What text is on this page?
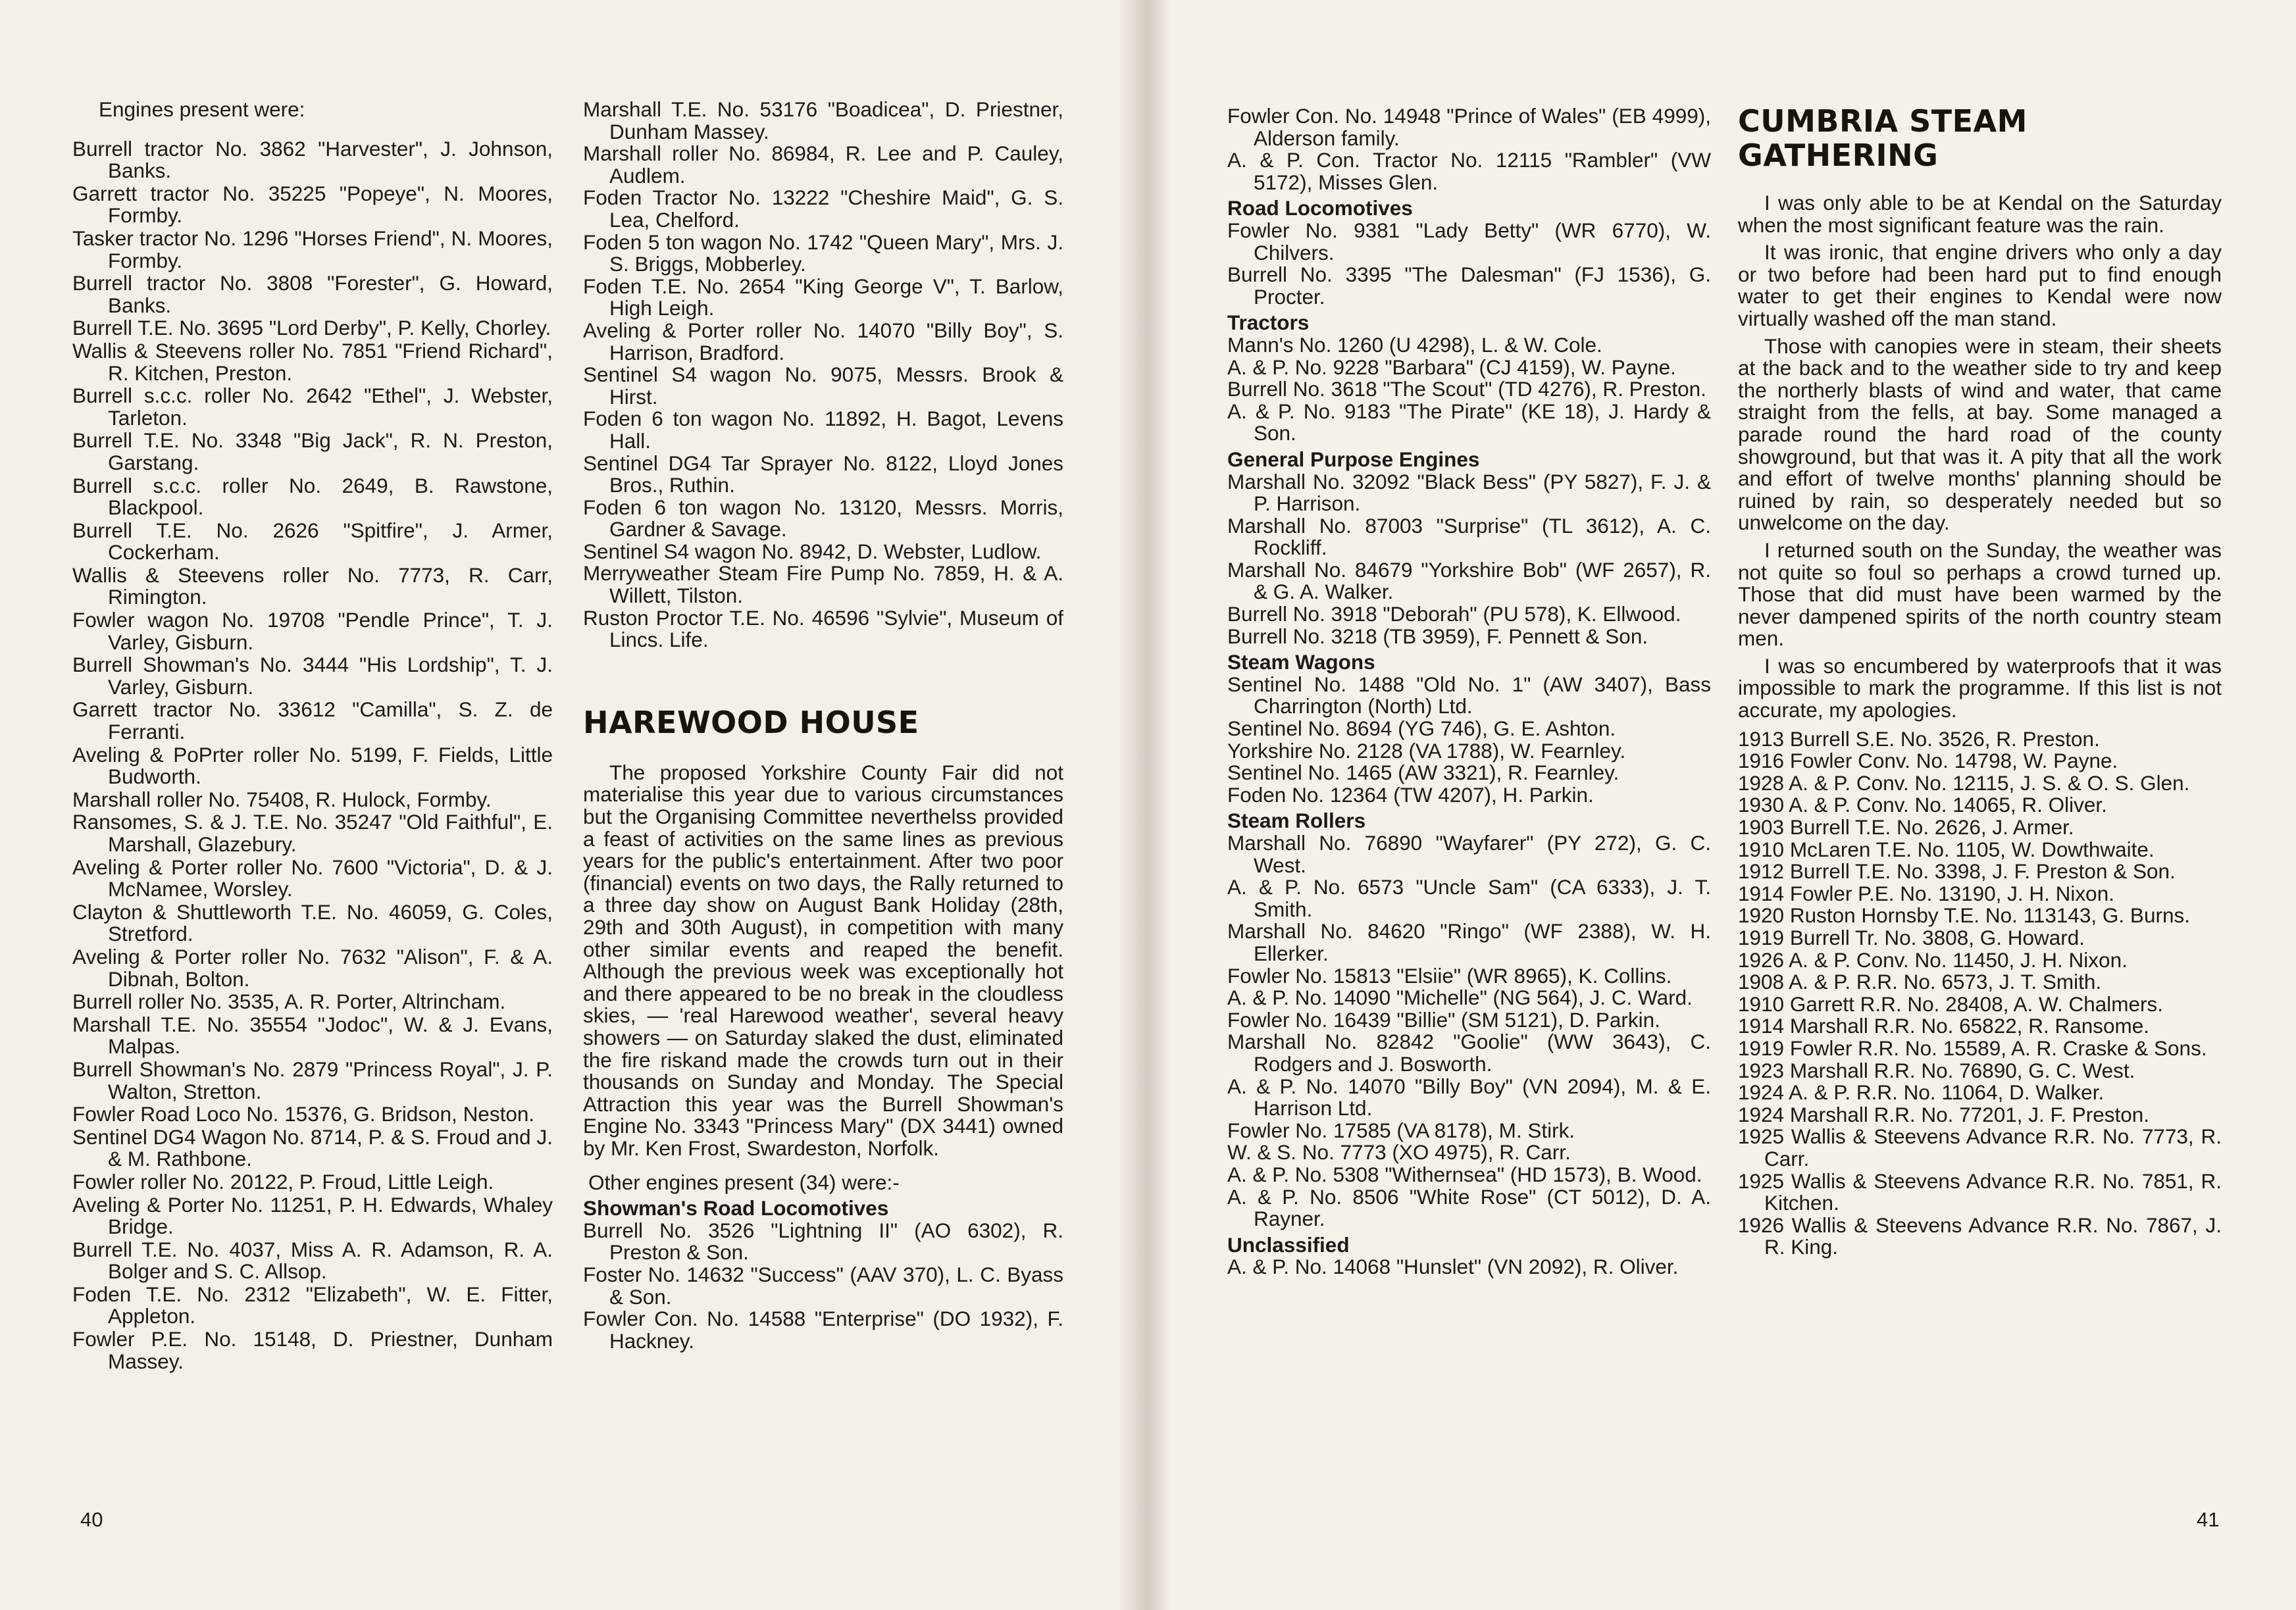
Engines present were:
Burrell tractor No. 3862 "Harvester", J. Johnson, Banks.
Garrett tractor No. 35225 "Popeye", N. Moores, Formby.
Tasker tractor No. 1296 "Horses Friend", N. Moores, Formby.
Burrell tractor No. 3808 "Forester", G. Howard, Banks.
Burrell T.E. No. 3695 "Lord Derby", P. Kelly, Chorley.
Wallis & Steevens roller No. 7851 "Friend Richard", R. Kitchen, Preston.
Burrell s.c.c. roller No. 2642 "Ethel", J. Webster, Tarleton.
Burrell T.E. No. 3348 "Big Jack", R. N. Preston, Garstang.
Burrell s.c.c. roller No. 2649, B. Rawstone, Blackpool.
Burrell T.E. No. 2626 "Spitfire", J. Armer, Cockerham.
Wallis & Steevens roller No. 7773, R. Carr, Rimington.
Fowler wagon No. 19708 "Pendle Prince", T. J. Varley, Gisburn.
Burrell Showman's No. 3444 "His Lordship", T. J. Varley, Gisburn.
Garrett tractor No. 33612 "Camilla", S. Z. de Ferranti.
Aveling & PoPrter roller No. 5199, F. Fields, Little Budworth.
Marshall roller No. 75408, R. Hulock, Formby.
Ransomes, S. & J. T.E. No. 35247 "Old Faithful", E. Marshall, Glazebury.
Aveling & Porter roller No. 7600 "Victoria", D. & J. McNamee, Worsley.
Clayton & Shuttleworth T.E. No. 46059, G. Coles, Stretford.
Aveling & Porter roller No. 7632 "Alison", F. & A. Dibnah, Bolton.
Burrell roller No. 3535, A. R. Porter, Altrincham.
Marshall T.E. No. 35554 "Jodoc", W. & J. Evans, Malpas.
Burrell Showman's No. 2879 "Princess Royal", J. P. Walton, Stretton.
Fowler Road Loco No. 15376, G. Bridson, Neston.
Sentinel DG4 Wagon No. 8714, P. & S. Froud and J. & M. Rathbone.
Fowler roller No. 20122, P. Froud, Little Leigh.
Aveling & Porter No. 11251, P. H. Edwards, Whaley Bridge.
Burrell T.E. No. 4037, Miss A. R. Adamson, R. A. Bolger and S. C. Allsop.
Foden T.E. No. 2312 "Elizabeth", W. E. Fitter, Appleton.
Fowler P.E. No. 15148, D. Priestner, Dunham Massey.
Marshall T.E. No. 53176 "Boadicea", D. Priestner, Dunham Massey.
Marshall roller No. 86984, R. Lee and P. Cauley, Audlem.
Foden Tractor No. 13222 "Cheshire Maid", G. S. Lea, Chelford.
Foden 5 ton wagon No. 1742 "Queen Mary", Mrs. J. S. Briggs, Mobberley.
Foden T.E. No. 2654 "King George V", T. Barlow, High Leigh.
Aveling & Porter roller No. 14070 "Billy Boy", S. Harrison, Bradford.
Sentinel S4 wagon No. 9075, Messrs. Brook & Hirst.
Foden 6 ton wagon No. 11892, H. Bagot, Levens Hall.
Sentinel DG4 Tar Sprayer No. 8122, Lloyd Jones Bros., Ruthin.
Foden 6 ton wagon No. 13120, Messrs. Morris, Gardner & Savage.
Sentinel S4 wagon No. 8942, D. Webster, Ludlow.
Merryweather Steam Fire Pump No. 7859, H. & A. Willett, Tilston.
Ruston Proctor T.E. No. 46596 "Sylvie", Museum of Lincs. Life.
HAREWOOD HOUSE

The proposed Yorkshire County Fair did not materialise this year due to various circumstances but the Organising Committee neverthelss provided a feast of activities on the same lines as previous years for the public's entertainment. After two poor (financial) events on two days, the Rally returned to a three day show on August Bank Holiday (28th, 29th and 30th August), in competition with many other similar events and reaped the benefit. Although the previous week was exceptionally hot and there appeared to be no break in the cloudless skies, — 'real Harewood weather', several heavy showers — on Saturday slaked the dust, eliminated the fire riskand made the crowds turn out in their thousands on Sunday and Monday. The Special Attraction this year was the Burrell Showman's Engine No. 3343 "Princess Mary" (DX 3441) owned by Mr. Ken Frost, Swardeston, Norfolk.

Other engines present (34) were:-
Showman's Road Locomotives
Burrell No. 3526 "Lightning II" (AO 6302), R. Preston & Son.
Foster No. 14632 "Success" (AAV 370), L. C. Byass & Son.
Fowler Con. No. 14588 "Enterprise" (DO 1932), F. Hackney.
40
Fowler Con. No. 14948 "Prince of Wales" (EB 4999), Alderson family.
A. & P. Con. Tractor No. 12115 "Rambler" (VW 5172), Misses Glen.
Road Locomotives
Fowler No. 9381 "Lady Betty" (WR 6770), W. Chilvers.
Burrell No. 3395 "The Dalesman" (FJ 1536), G. Procter.
Tractors
Mann's No. 1260 (U 4298), L. & W. Cole.
A. & P. No. 9228 "Barbara" (CJ 4159), W. Payne.
Burrell No. 3618 "The Scout" (TD 4276), R. Preston.
A. & P. No. 9183 "The Pirate" (KE 18), J. Hardy & Son.
General Purpose Engines
Marshall No. 32092 "Black Bess" (PY 5827), F. J. & P. Harrison.
Marshall No. 87003 "Surprise" (TL 3612), A. C. Rockliff.
Marshall No. 84679 "Yorkshire Bob" (WF 2657), R. & G. A. Walker.
Burrell No. 3918 "Deborah" (PU 578), K. Ellwood.
Burrell No. 3218 (TB 3959), F. Pennett & Son.
Steam Wagons
Sentinel No. 1488 "Old No. 1" (AW 3407), Bass Charrington (North) Ltd.
Sentinel No. 8694 (YG 746), G. E. Ashton.
Yorkshire No. 2128 (VA 1788), W. Fearnley.
Sentinel No. 1465 (AW 3321), R. Fearnley.
Foden No. 12364 (TW 4207), H. Parkin.
Steam Rollers
Marshall No. 76890 "Wayfarer" (PY 272), G. C. West.
A. & P. No. 6573 "Uncle Sam" (CA 6333), J. T. Smith.
Marshall No. 84620 "Ringo" (WF 2388), W. H. Ellerker.
Fowler No. 15813 "Elsiie" (WR 8965), K. Collins.
A. & P. No. 14090 "Michelle" (NG 564), J. C. Ward.
Fowler No. 16439 "Billie" (SM 5121), D. Parkin.
Marshall No. 82842 "Goolie" (WW 3643), C. Rodgers and J. Bosworth.
A. & P. No. 14070 "Billy Boy" (VN 2094), M. & E. Harrison Ltd.
Fowler No. 17585 (VA 8178), M. Stirk.
W. & S. No. 7773 (XO 4975), R. Carr.
A. & P. No. 5308 "Withernsea" (HD 1573), B. Wood.
A. & P. No. 8506 "White Rose" (CT 5012), D. A. Rayner.
Unclassified
A. & P. No. 14068 "Hunslet" (VN 2092), R. Oliver.
CUMBRIA STEAM GATHERING

I was only able to be at Kendal on the Saturday when the most significant feature was the rain.

It was ironic, that engine drivers who only a day or two before had been hard put to find enough water to get their engines to Kendal were now virtually washed off the man stand.

Those with canopies were in steam, their sheets at the back and to the weather side to try and keep the northerly blasts of wind and water, that came straight from the fells, at bay. Some managed a parade round the hard road of the county showground, but that was it. A pity that all the work and effort of twelve months' planning should be ruined by rain, so desperately needed but so unwelcome on the day.

I returned south on the Sunday, the weather was not quite so foul so perhaps a crowd turned up. Those that did must have been warmed by the never dampened spirits of the north country steam men.

I was so encumbered by waterproofs that it was impossible to mark the programme. If this list is not accurate, my apologies.

1913 Burrell S.E. No. 3526, R. Preston.
1916 Fowler Conv. No. 14798, W. Payne.
1928 A. & P. Conv. No. 12115, J. S. & O. S. Glen.
1930 A. & P. Conv. No. 14065, R. Oliver.
1903 Burrell T.E. No. 2626, J. Armer.
1910 McLaren T.E. No. 1105, W. Dowthwaite.
1912 Burrell T.E. No. 3398, J. F. Preston & Son.
1914 Fowler P.E. No. 13190, J. H. Nixon.
1920 Ruston Hornsby T.E. No. 113143, G. Burns.
1919 Burrell Tr. No. 3808, G. Howard.
1926 A. & P. Conv. No. 11450, J. H. Nixon.
1908 A. & P. R.R. No. 6573, J. T. Smith.
1910 Garrett R.R. No. 28408, A. W. Chalmers.
1914 Marshall R.R. No. 65822, R. Ransome.
1919 Fowler R.R. No. 15589, A. R. Craske & Sons.
1923 Marshall R.R. No. 76890, G. C. West.
1924 A. & P. R.R. No. 11064, D. Walker.
1924 Marshall R.R. No. 77201, J. F. Preston.
1925 Wallis & Steevens Advance R.R. No. 7773, R. Carr.
1925 Wallis & Steevens Advance R.R. No. 7851, R. Kitchen.
1926 Wallis & Steevens Advance R.R. No. 7867, J. R. King.
41
